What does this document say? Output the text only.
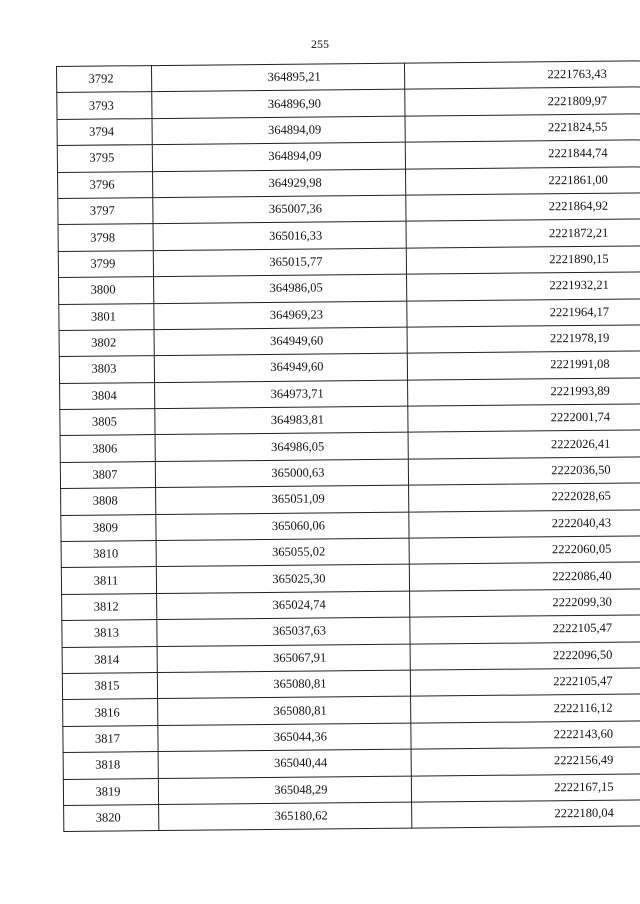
255
3792	364895,21	2221763,43
3793	364896,90	2221809,97
3794	364894,09	2221824,55
3795	364894,09	2221844,74
3796	364929,98	2221861,00
3797	365007,36	2221864,92
3798	365016,33	2221872,21
3799	365015,77	2221890,15
3800	364986,05	2221932,21
3801	364969,23	2221964,17
3802	364949,60	2221978,19
3803	364949,60	2221991,08
3804	364973,71	2221993,89
3805	364983,81	2222001,74
3806	364986,05	2222026,41
3807	365000,63	2222036,50
3808	365051,09	2222028,65
3809	365060,06	2222040,43
3810	365055,02	2222060,05
3811	365025,30	2222086,40
3812	365024,74	2222099,30
3813	365037,63	2222105,47
3814	365067,91	2222096,50
3815	365080,81	2222105,47
3816	365080,81	2222116,12
3817	365044,36	2222143,60
3818	365040,44	2222156,49
3819	365048,29	2222167,15
3820	365180,62	2222180,04
